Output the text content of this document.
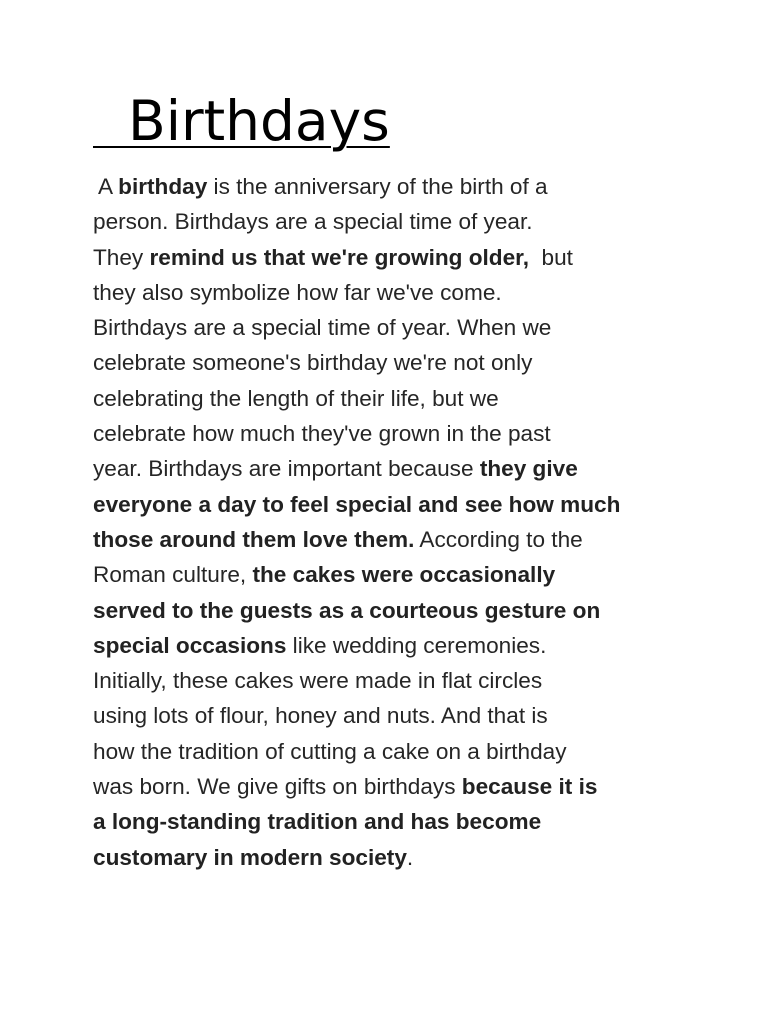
Birthdays
A birthday is the anniversary of the birth of a
person. Birthdays are a special time of year.
They remind us that we're growing older,  but
they also symbolize how far we've come.
Birthdays are a special time of year. When we
celebrate someone's birthday we're not only
celebrating the length of their life, but we
celebrate how much they've grown in the past
year. Birthdays are important because they give
everyone a day to feel special and see how much
those around them love them. According to the
Roman culture, the cakes were occasionally
served to the guests as a courteous gesture on
special occasions like wedding ceremonies.
Initially, these cakes were made in flat circles
using lots of flour, honey and nuts. And that is
how the tradition of cutting a cake on a birthday
was born. We give gifts on birthdays because it is
a long-standing tradition and has become
customary in modern society.
